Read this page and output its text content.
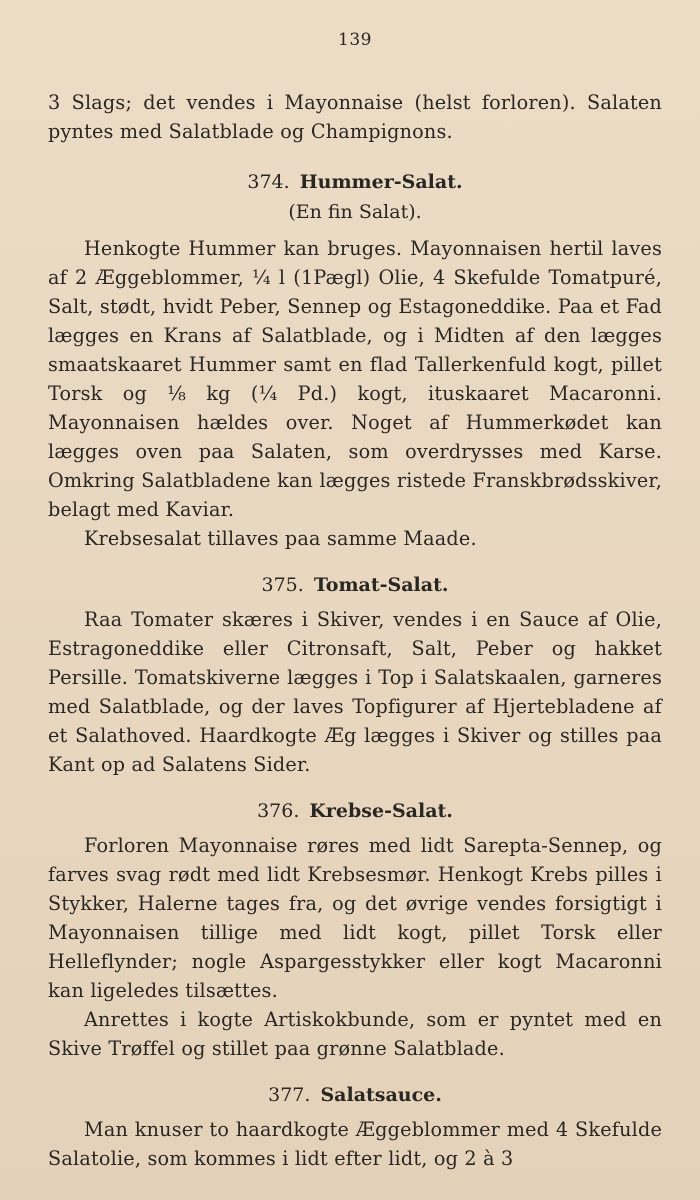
139

3 Slags; det vendes i Mayonnaise (helst forloren). Salaten pyntes med Salatblade og Champignons.

374. Hummer-Salat.
(En fin Salat).

Henkogte Hummer kan bruges. Mayonnaisen hertil laves af 2 Æggeblommer, ¼ l (1Pægl) Olie, 4 Skefulde Tomatpuré, Salt, stødt, hvidt Peber, Sennep og Estagoneddike. Paa et Fad lægges en Krans af Salatblade, og i Midten af den lægges smaatskaaret Hummer samt en flad Tallerkenfuld kogt, pillet Torsk og ⅛ kg (¼ Pd.) kogt, ituskaaret Macaronni. Mayonnaisen hældes over. Noget af Hummerkødet kan lægges oven paa Salaten, som overdrysses med Karse. Omkring Salatbladene kan lægges ristede Franskbrødsskiver, belagt med Kaviar.

Krebsesalat tillaves paa samme Maade.

375. Tomat-Salat.

Raa Tomater skæres i Skiver, vendes i en Sauce af Olie, Estragoneddike eller Citronsaft, Salt, Peber og hakket Persille. Tomatskiverne lægges i Top i Salatskaalen, garneres med Salatblade, og der laves Topfigurer af Hjertebladene af et Salathoved. Haardkogte Æg lægges i Skiver og stilles paa Kant op ad Salatens Sider.

376. Krebse-Salat.

Forloren Mayonnaise røres med lidt Sarepta-Sennep, og farves svag rødt med lidt Krebsesmør. Henkogt Krebs pilles i Stykker, Halerne tages fra, og det øvrige vendes forsigtigt i Mayonnaisen tillige med lidt kogt, pillet Torsk eller Helleflynder; nogle Aspargesstykker eller kogt Macaronni kan ligeledes tilsættes.

Anrettes i kogte Artiskokbunde, som er pyntet med en Skive Trøffel og stillet paa grønne Salatblade.

377. Salatsauce.

Man knuser to haardkogte Æggeblommer med 4 Skefulde Salatolie, som kommes i lidt efter lidt, og 2 à 3
